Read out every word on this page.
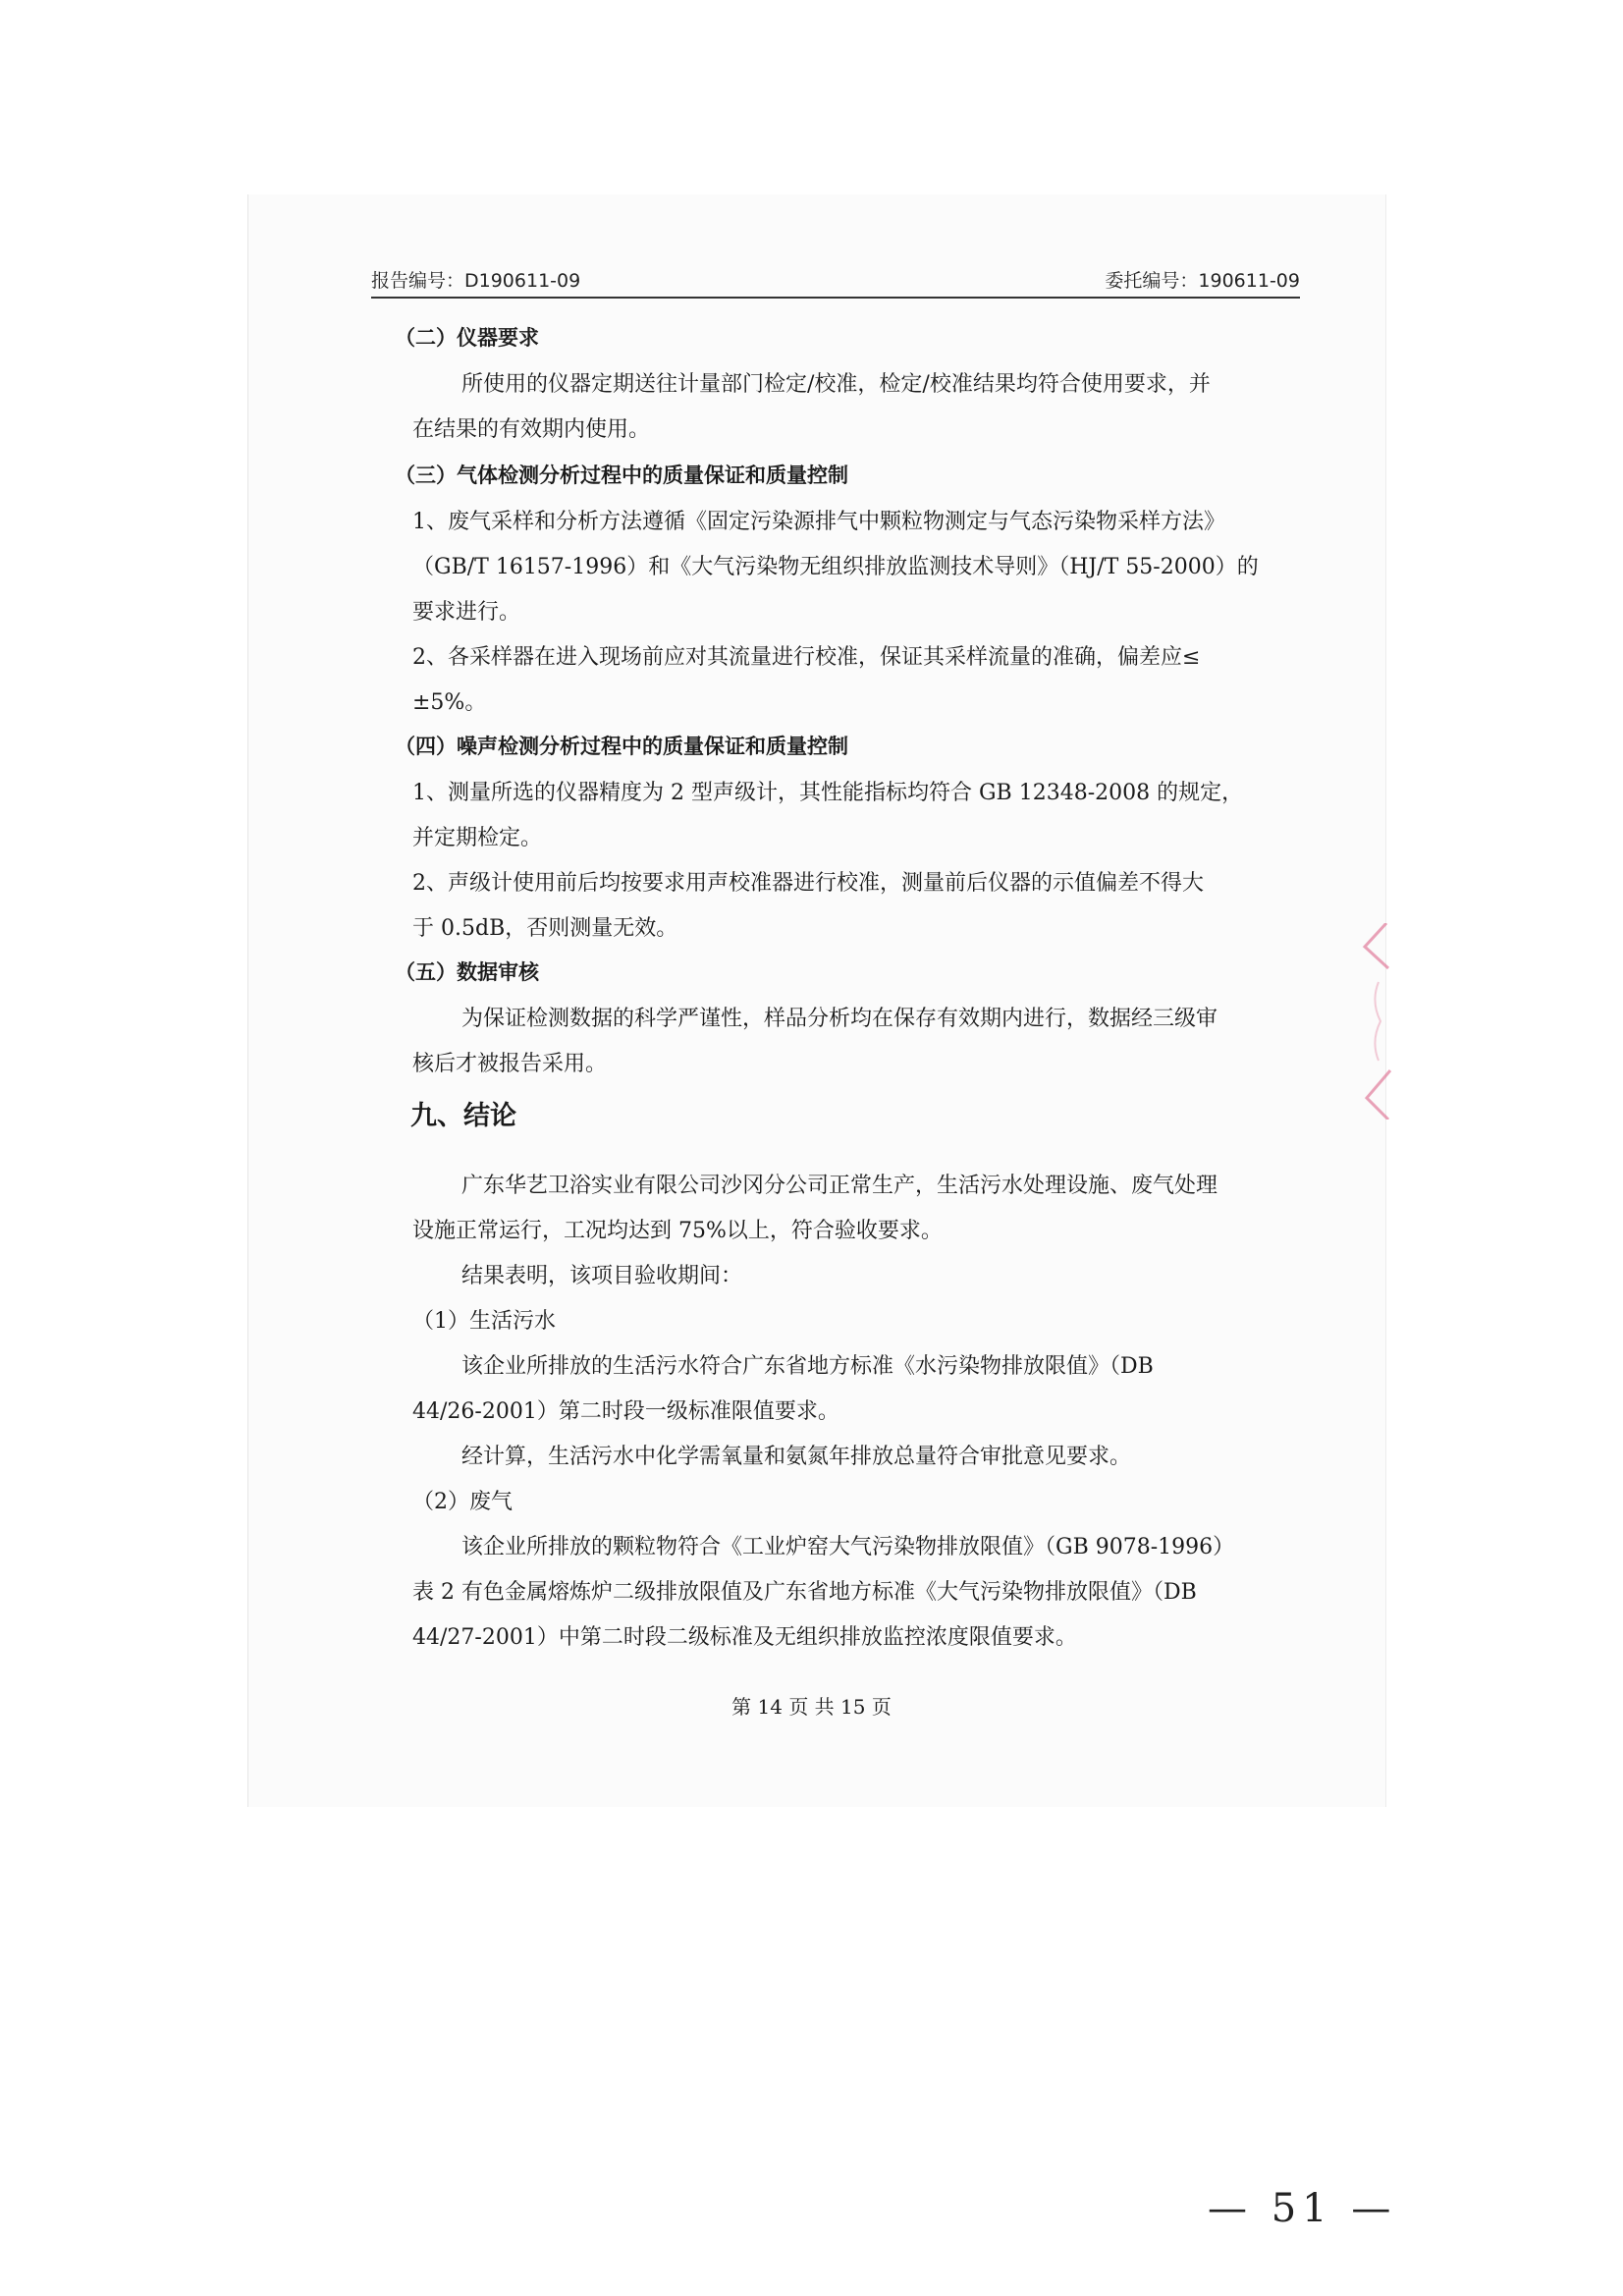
报告编号：D190611-09	委托编号：190611-09
（二）仪器要求
所使用的仪器定期送往计量部门检定/校准，检定/校准结果均符合使用要求，并
在结果的有效期内使用。
（三）气体检测分析过程中的质量保证和质量控制
1、废气采样和分析方法遵循《固定污染源排气中颗粒物测定与气态污染物采样方法》
（GB/T 16157-1996）和《大气污染物无组织排放监测技术导则》（HJ/T 55-2000）的
要求进行。
2、各采样器在进入现场前应对其流量进行校准，保证其采样流量的准确，偏差应≤
±5%。
（四）噪声检测分析过程中的质量保证和质量控制
1、测量所选的仪器精度为 2 型声级计，其性能指标均符合 GB 12348-2008 的规定，
并定期检定。
2、声级计使用前后均按要求用声校准器进行校准，测量前后仪器的示值偏差不得大
于 0.5dB，否则测量无效。
（五）数据审核
为保证检测数据的科学严谨性，样品分析均在保存有效期内进行，数据经三级审
核后才被报告采用。
九、结论
广东华艺卫浴实业有限公司沙冈分公司正常生产，生活污水处理设施、废气处理
设施正常运行，工况均达到 75%以上，符合验收要求。
结果表明，该项目验收期间：
（1）生活污水
该企业所排放的生活污水符合广东省地方标准《水污染物排放限值》（DB
44/26-2001）第二时段一级标准限值要求。
经计算，生活污水中化学需氧量和氨氮年排放总量符合审批意见要求。
（2）废气
该企业所排放的颗粒物符合《工业炉窑大气污染物排放限值》（GB 9078-1996）
表 2 有色金属熔炼炉二级排放限值及广东省地方标准《大气污染物排放限值》（DB
44/27-2001）中第二时段二级标准及无组织排放监控浓度限值要求。
第 14 页 共 15 页
— 51 —
